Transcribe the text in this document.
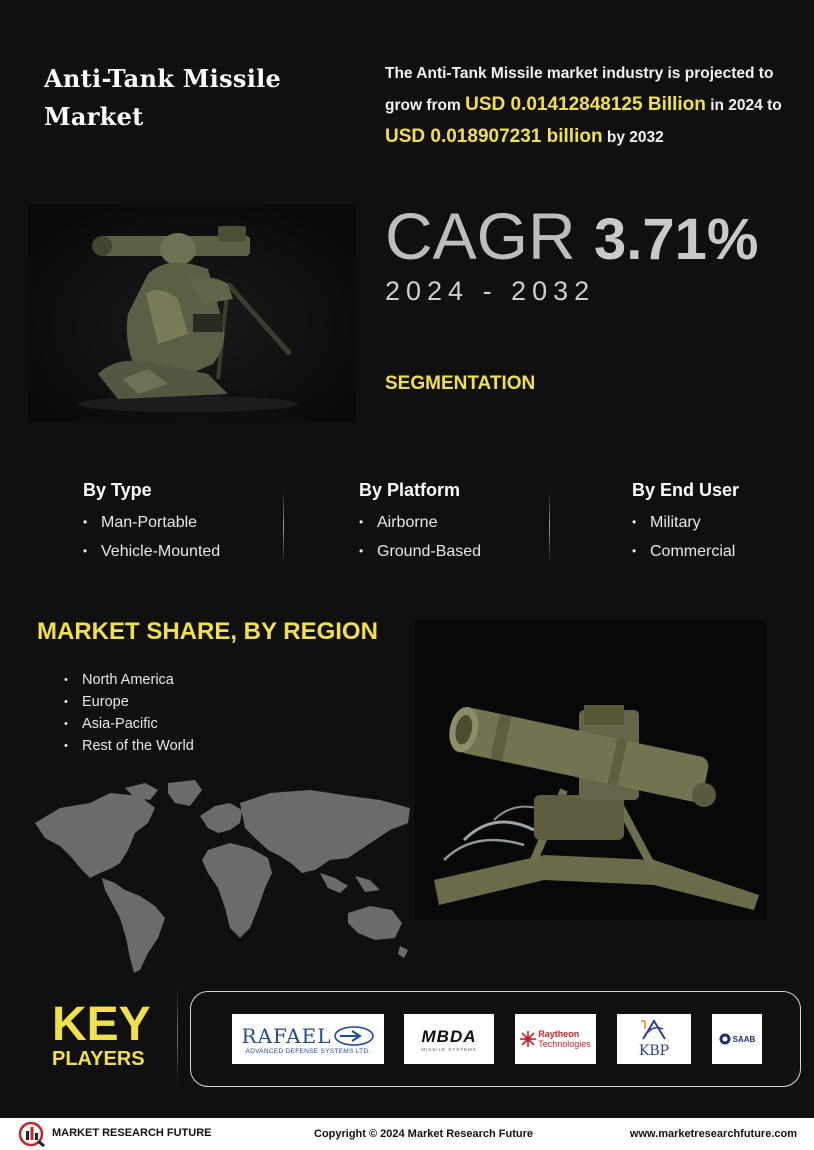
Anti-Tank Missile Market
The Anti-Tank Missile market industry is projected to grow from USD 0.01412848125 Billion in 2024 to USD 0.018907231 billion by 2032
CAGR 3.71%
2024 - 2032
SEGMENTATION
By Type
• Man-Portable
• Vehicle-Mounted
By Platform
• Airborne
• Ground-Based
By End User
• Military
• Commercial
MARKET SHARE, BY REGION
• North America
• Europe
• Asia-Pacific
• Rest of the World	· · · · ·
KEY
PLAYERS
RAFAEL
ADVANCED DEFENSE SYSTEMS LTD.
MBDA
MISSILE SYSTEMS
Raytheon
Technologies	KBP
SAAB
MARKET RESEARCH FUTURE	Copyright © 2024 Market Research Future	www.marketresearchfuture.com
